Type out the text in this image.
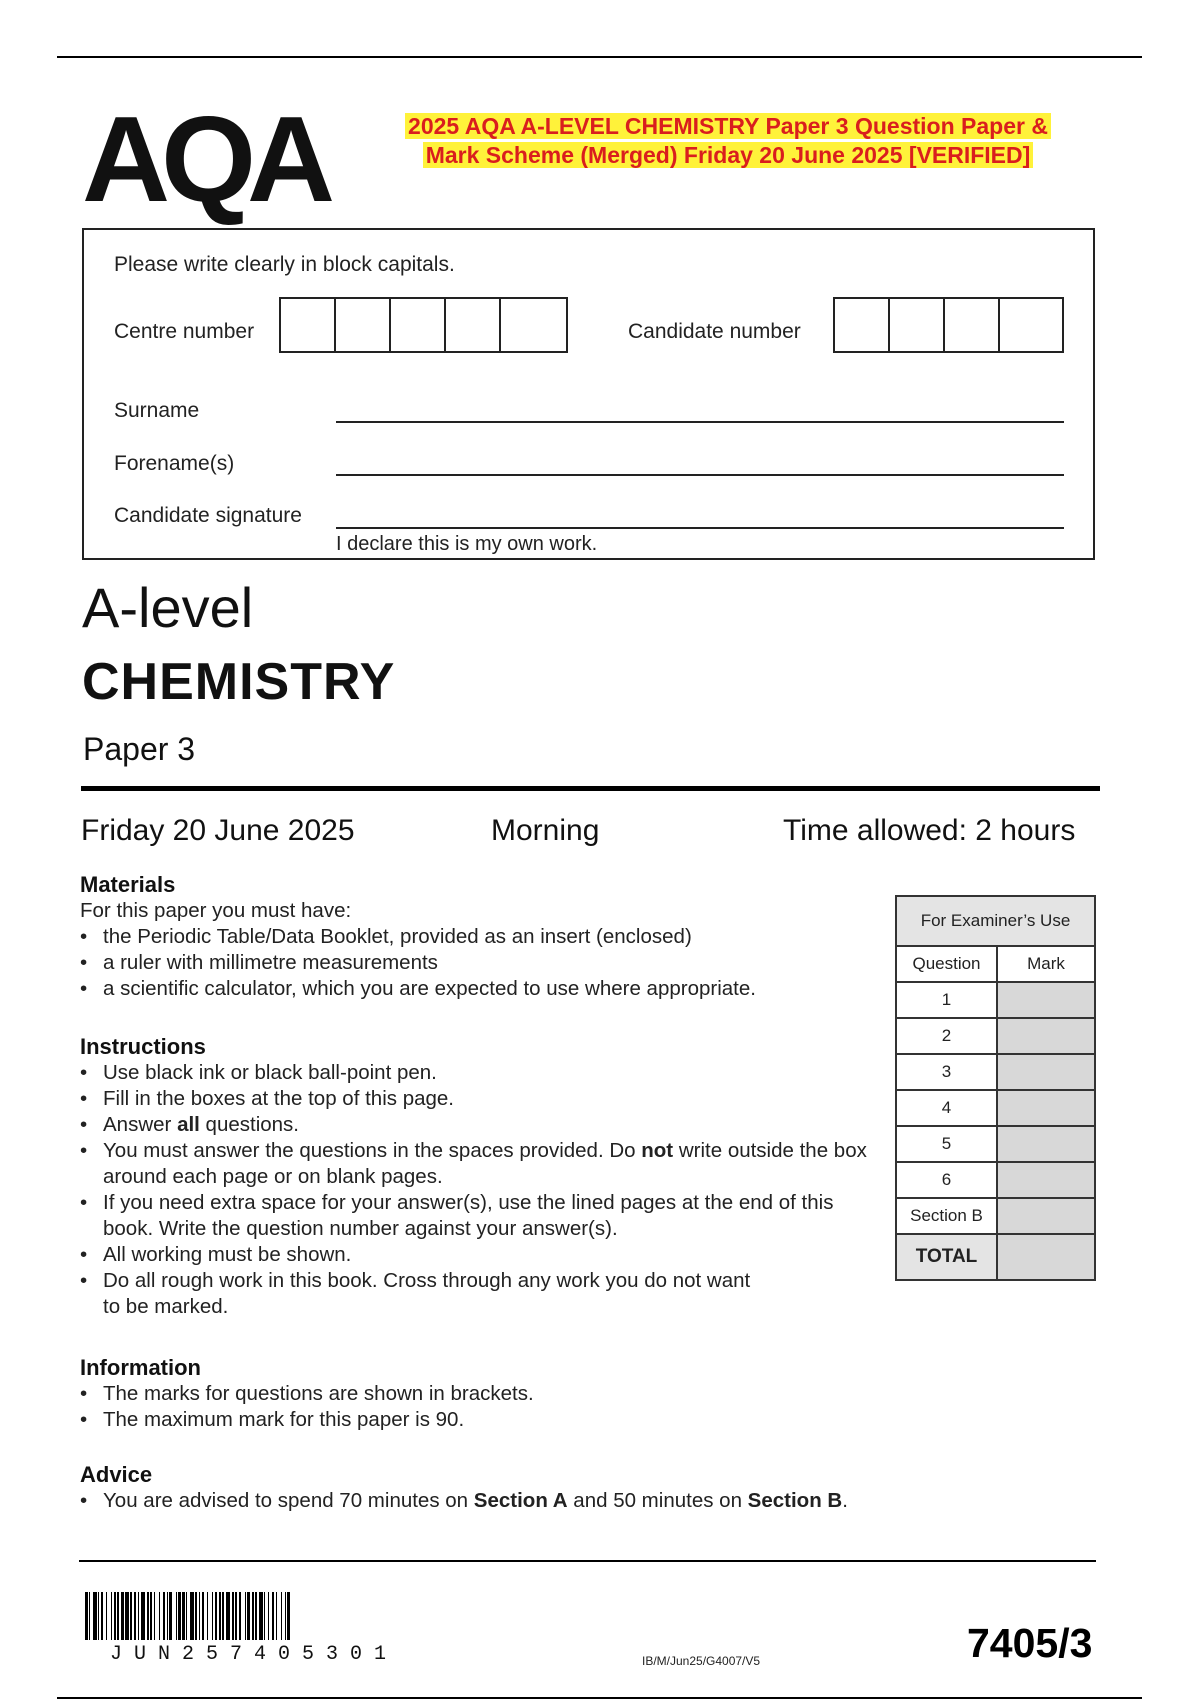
AQA	2025 AQA A-LEVEL CHEMISTRY Paper 3 Question Paper &
Mark Scheme (Merged) Friday 20 June 2025 [VERIFIED]
Please write clearly in block capitals.
Centre number	Candidate number
Surname
Forename(s)
Candidate signature
I declare this is my own work.
A-level
CHEMISTRY
Paper 3
Friday 20 June 2025	Morning	Time allowed: 2 hours
Materials
For this paper you must have:
• the Periodic Table/Data Booklet, provided as an insert (enclosed)
• a ruler with millimetre measurements
• a scientific calculator, which you are expected to use where appropriate.
Instructions
• Use black ink or black ball-point pen.
• Fill in the boxes at the top of this page.
• Answer all questions.
• You must answer the questions in the spaces provided. Do not write outside the box around each page or on blank pages.
• If you need extra space for your answer(s), use the lined pages at the end of this book. Write the question number against your answer(s).
• All working must be shown.
• Do all rough work in this book. Cross through any work you do not want to be marked.
Information
• The marks for questions are shown in brackets.
• The maximum mark for this paper is 90.
Advice
• You are advised to spend 70 minutes on Section A and 50 minutes on Section B.
For Examiner’s Use
Question	Mark
1
2
3
4
5
6
Section B
TOTAL
JUN257405301	IB/M/Jun25/G4007/V5	7405/3
